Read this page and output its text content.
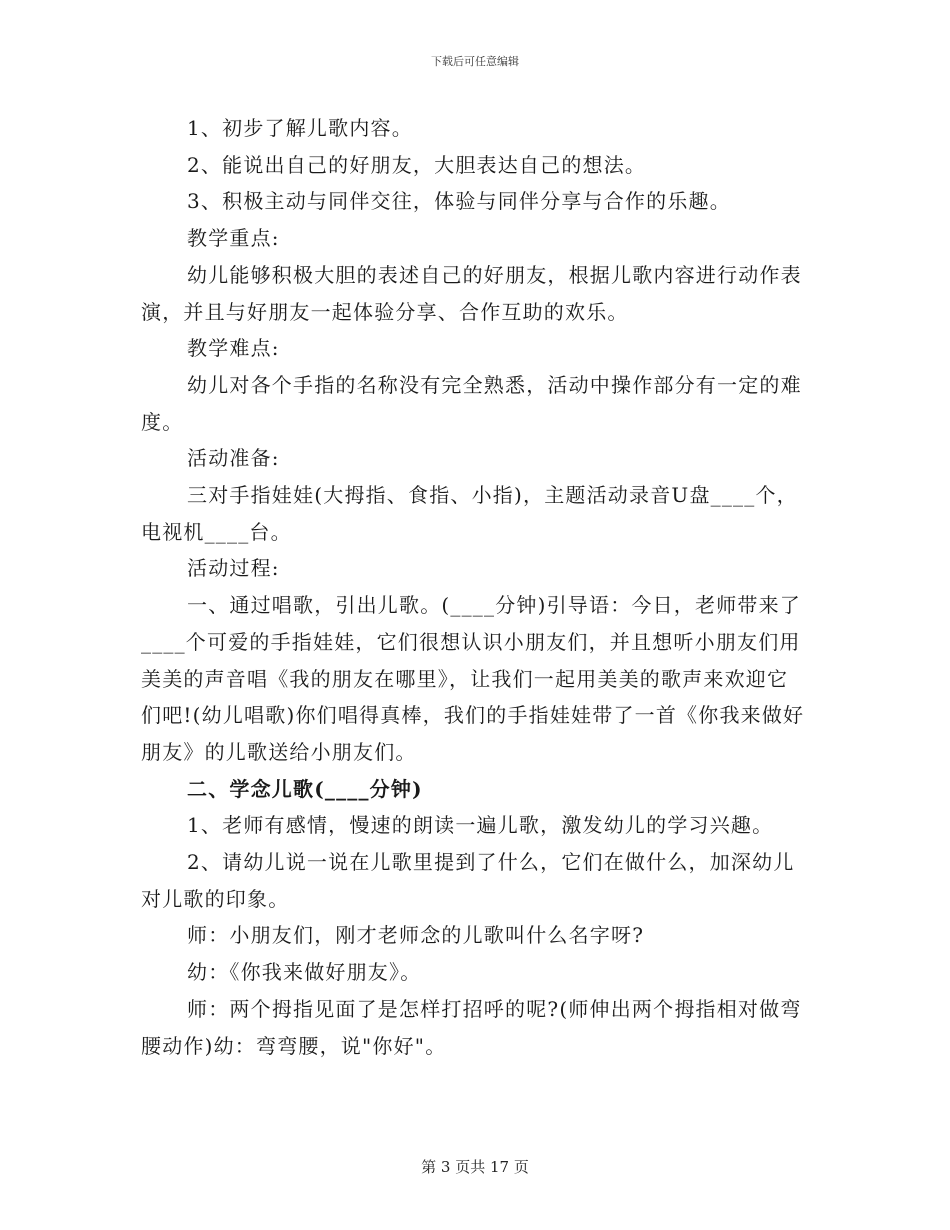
下载后可任意编辑

1、初步了解儿歌内容。

2、能说出自己的好朋友，大胆表达自己的想法。

3、积极主动与同伴交往，体验与同伴分享与合作的乐趣。

教学重点:

幼儿能够积极大胆的表述自己的好朋友，根据儿歌内容进行动作表演，并且与好朋友一起体验分享、合作互助的欢乐。

教学难点:

幼儿对各个手指的名称没有完全熟悉，活动中操作部分有一定的难度。

活动准备:

三对手指娃娃(大拇指、食指、小指)，主题活动录音U盘____个，电视机____台。

活动过程:

一、通过唱歌，引出儿歌。(____分钟)引导语：今日，老师带来了____个可爱的手指娃娃，它们很想认识小朋友们，并且想听小朋友们用美美的声音唱《我的朋友在哪里》，让我们一起用美美的歌声来欢迎它们吧!(幼儿唱歌)你们唱得真棒，我们的手指娃娃带了一首《你我来做好朋友》的儿歌送给小朋友们。

二、学念儿歌(____分钟)

1、老师有感情，慢速的朗读一遍儿歌，激发幼儿的学习兴趣。

2、请幼儿说一说在儿歌里提到了什么，它们在做什么，加深幼儿对儿歌的印象。

师：小朋友们，刚才老师念的儿歌叫什么名字呀?

幼：《你我来做好朋友》。

师：两个拇指见面了是怎样打招呼的呢?(师伸出两个拇指相对做弯腰动作)幼：弯弯腰，说"你好"。

第 3 页共 17 页
